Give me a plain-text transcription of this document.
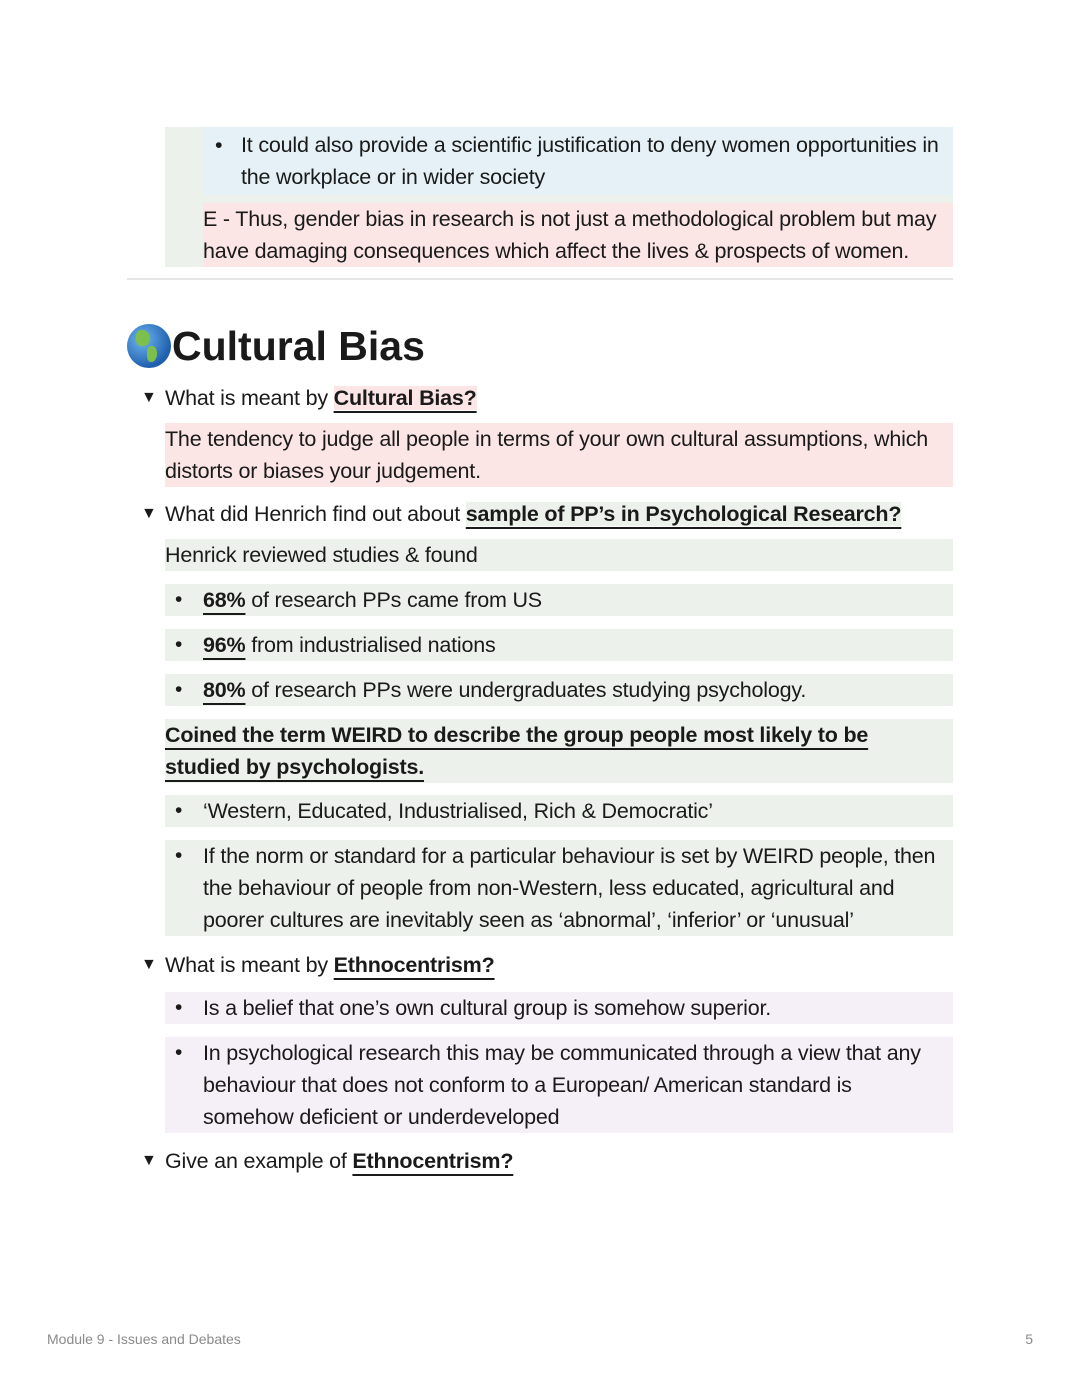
• It could also provide a scientific justification to deny women opportunities in the workplace or in wider society
E - Thus, gender bias in research is not just a methodological problem but may have damaging consequences which affect the lives & prospects of women.
Cultural Bias
▼ What is meant by Cultural Bias?
The tendency to judge all people in terms of your own cultural assumptions, which distorts or biases your judgement.
▼ What did Henrich find out about sample of PP’s in Psychological Research?
Henrick reviewed studies & found
• 68% of research PPs came from US
• 96% from industrialised nations
• 80% of research PPs were undergraduates studying psychology.
Coined the term WEIRD to describe the group people most likely to be studied by psychologists.
• ‘Western, Educated, Industrialised, Rich & Democratic’
• If the norm or standard for a particular behaviour is set by WEIRD people, then the behaviour of people from non-Western, less educated, agricultural and poorer cultures are inevitably seen as ‘abnormal’, ‘inferior’ or ‘unusual’
▼ What is meant by Ethnocentrism?
• Is a belief that one’s own cultural group is somehow superior.
• In psychological research this may be communicated through a view that any behaviour that does not conform to a European/ American standard is somehow deficient or underdeveloped
▼ Give an example of Ethnocentrism?
Module 9 - Issues and Debates	5
